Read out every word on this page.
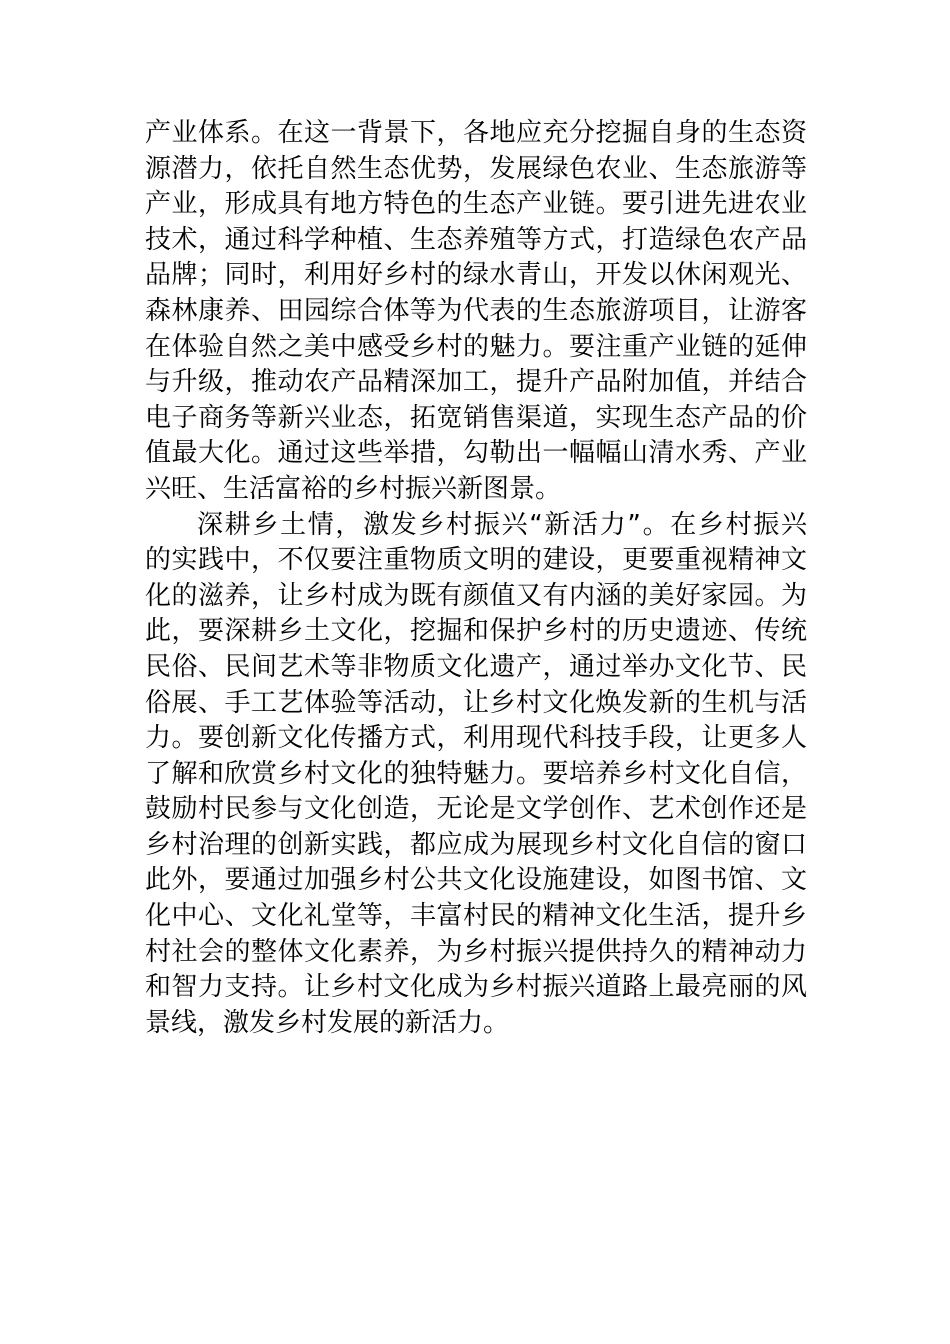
产业体系。在这一背景下，各地应充分挖掘自身的生态资
源潜力，依托自然生态优势，发展绿色农业、生态旅游等
产业，形成具有地方特色的生态产业链。要引进先进农业
技术，通过科学种植、生态养殖等方式，打造绿色农产品
品牌；同时，利用好乡村的绿水青山，开发以休闲观光、
森林康养、田园综合体等为代表的生态旅游项目，让游客
在体验自然之美中感受乡村的魅力。要注重产业链的延伸
与升级，推动农产品精深加工，提升产品附加值，并结合
电子商务等新兴业态，拓宽销售渠道，实现生态产品的价
值最大化。通过这些举措，勾勒出一幅幅山清水秀、产业
兴旺、生活富裕的乡村振兴新图景。
深耕乡土情，激发乡村振兴“新活力”。在乡村振兴
的实践中，不仅要注重物质文明的建设，更要重视精神文
化的滋养，让乡村成为既有颜值又有内涵的美好家园。为
此，要深耕乡土文化，挖掘和保护乡村的历史遗迹、传统
民俗、民间艺术等非物质文化遗产，通过举办文化节、民
俗展、手工艺体验等活动，让乡村文化焕发新的生机与活
力。要创新文化传播方式，利用现代科技手段，让更多人
了解和欣赏乡村文化的独特魅力。要培养乡村文化自信，
鼓励村民参与文化创造，无论是文学创作、艺术创作还是
乡村治理的创新实践，都应成为展现乡村文化自信的窗口
此外，要通过加强乡村公共文化设施建设，如图书馆、文
化中心、文化礼堂等，丰富村民的精神文化生活，提升乡
村社会的整体文化素养，为乡村振兴提供持久的精神动力
和智力支持。让乡村文化成为乡村振兴道路上最亮丽的风
景线，激发乡村发展的新活力。
